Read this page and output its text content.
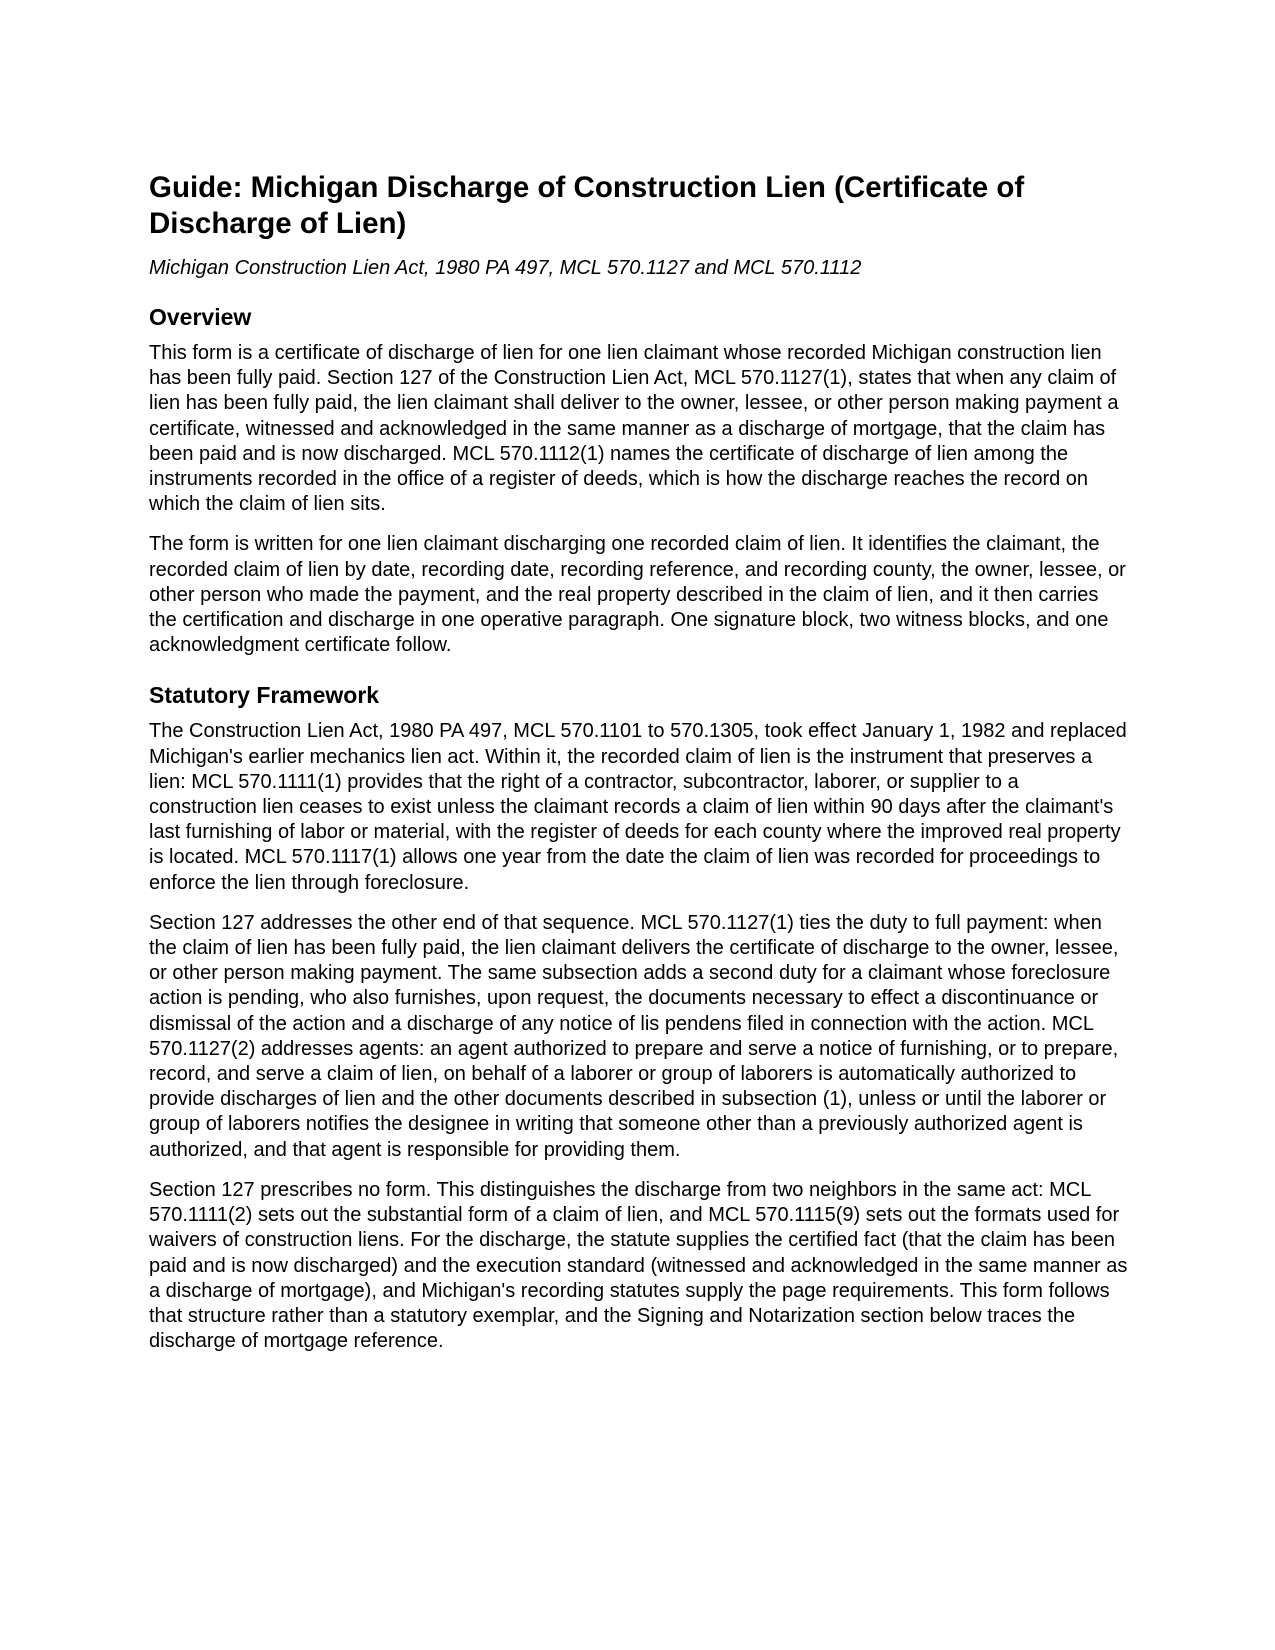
Guide: Michigan Discharge of Construction Lien (Certificate of Discharge of Lien)

Michigan Construction Lien Act, 1980 PA 497, MCL 570.1127 and MCL 570.1112

Overview

This form is a certificate of discharge of lien for one lien claimant whose recorded Michigan construction lien has been fully paid. Section 127 of the Construction Lien Act, MCL 570.1127(1), states that when any claim of lien has been fully paid, the lien claimant shall deliver to the owner, lessee, or other person making payment a certificate, witnessed and acknowledged in the same manner as a discharge of mortgage, that the claim has been paid and is now discharged. MCL 570.1112(1) names the certificate of discharge of lien among the instruments recorded in the office of a register of deeds, which is how the discharge reaches the record on which the claim of lien sits.

The form is written for one lien claimant discharging one recorded claim of lien. It identifies the claimant, the recorded claim of lien by date, recording date, recording reference, and recording county, the owner, lessee, or other person who made the payment, and the real property described in the claim of lien, and it then carries the certification and discharge in one operative paragraph. One signature block, two witness blocks, and one acknowledgment certificate follow.

Statutory Framework

The Construction Lien Act, 1980 PA 497, MCL 570.1101 to 570.1305, took effect January 1, 1982 and replaced Michigan's earlier mechanics lien act. Within it, the recorded claim of lien is the instrument that preserves a lien: MCL 570.1111(1) provides that the right of a contractor, subcontractor, laborer, or supplier to a construction lien ceases to exist unless the claimant records a claim of lien within 90 days after the claimant's last furnishing of labor or material, with the register of deeds for each county where the improved real property is located. MCL 570.1117(1) allows one year from the date the claim of lien was recorded for proceedings to enforce the lien through foreclosure.

Section 127 addresses the other end of that sequence. MCL 570.1127(1) ties the duty to full payment: when the claim of lien has been fully paid, the lien claimant delivers the certificate of discharge to the owner, lessee, or other person making payment. The same subsection adds a second duty for a claimant whose foreclosure action is pending, who also furnishes, upon request, the documents necessary to effect a discontinuance or dismissal of the action and a discharge of any notice of lis pendens filed in connection with the action. MCL 570.1127(2) addresses agents: an agent authorized to prepare and serve a notice of furnishing, or to prepare, record, and serve a claim of lien, on behalf of a laborer or group of laborers is automatically authorized to provide discharges of lien and the other documents described in subsection (1), unless or until the laborer or group of laborers notifies the designee in writing that someone other than a previously authorized agent is authorized, and that agent is responsible for providing them.

Section 127 prescribes no form. This distinguishes the discharge from two neighbors in the same act: MCL 570.1111(2) sets out the substantial form of a claim of lien, and MCL 570.1115(9) sets out the formats used for waivers of construction liens. For the discharge, the statute supplies the certified fact (that the claim has been paid and is now discharged) and the execution standard (witnessed and acknowledged in the same manner as a discharge of mortgage), and Michigan's recording statutes supply the page requirements. This form follows that structure rather than a statutory exemplar, and the Signing and Notarization section below traces the discharge of mortgage reference.
